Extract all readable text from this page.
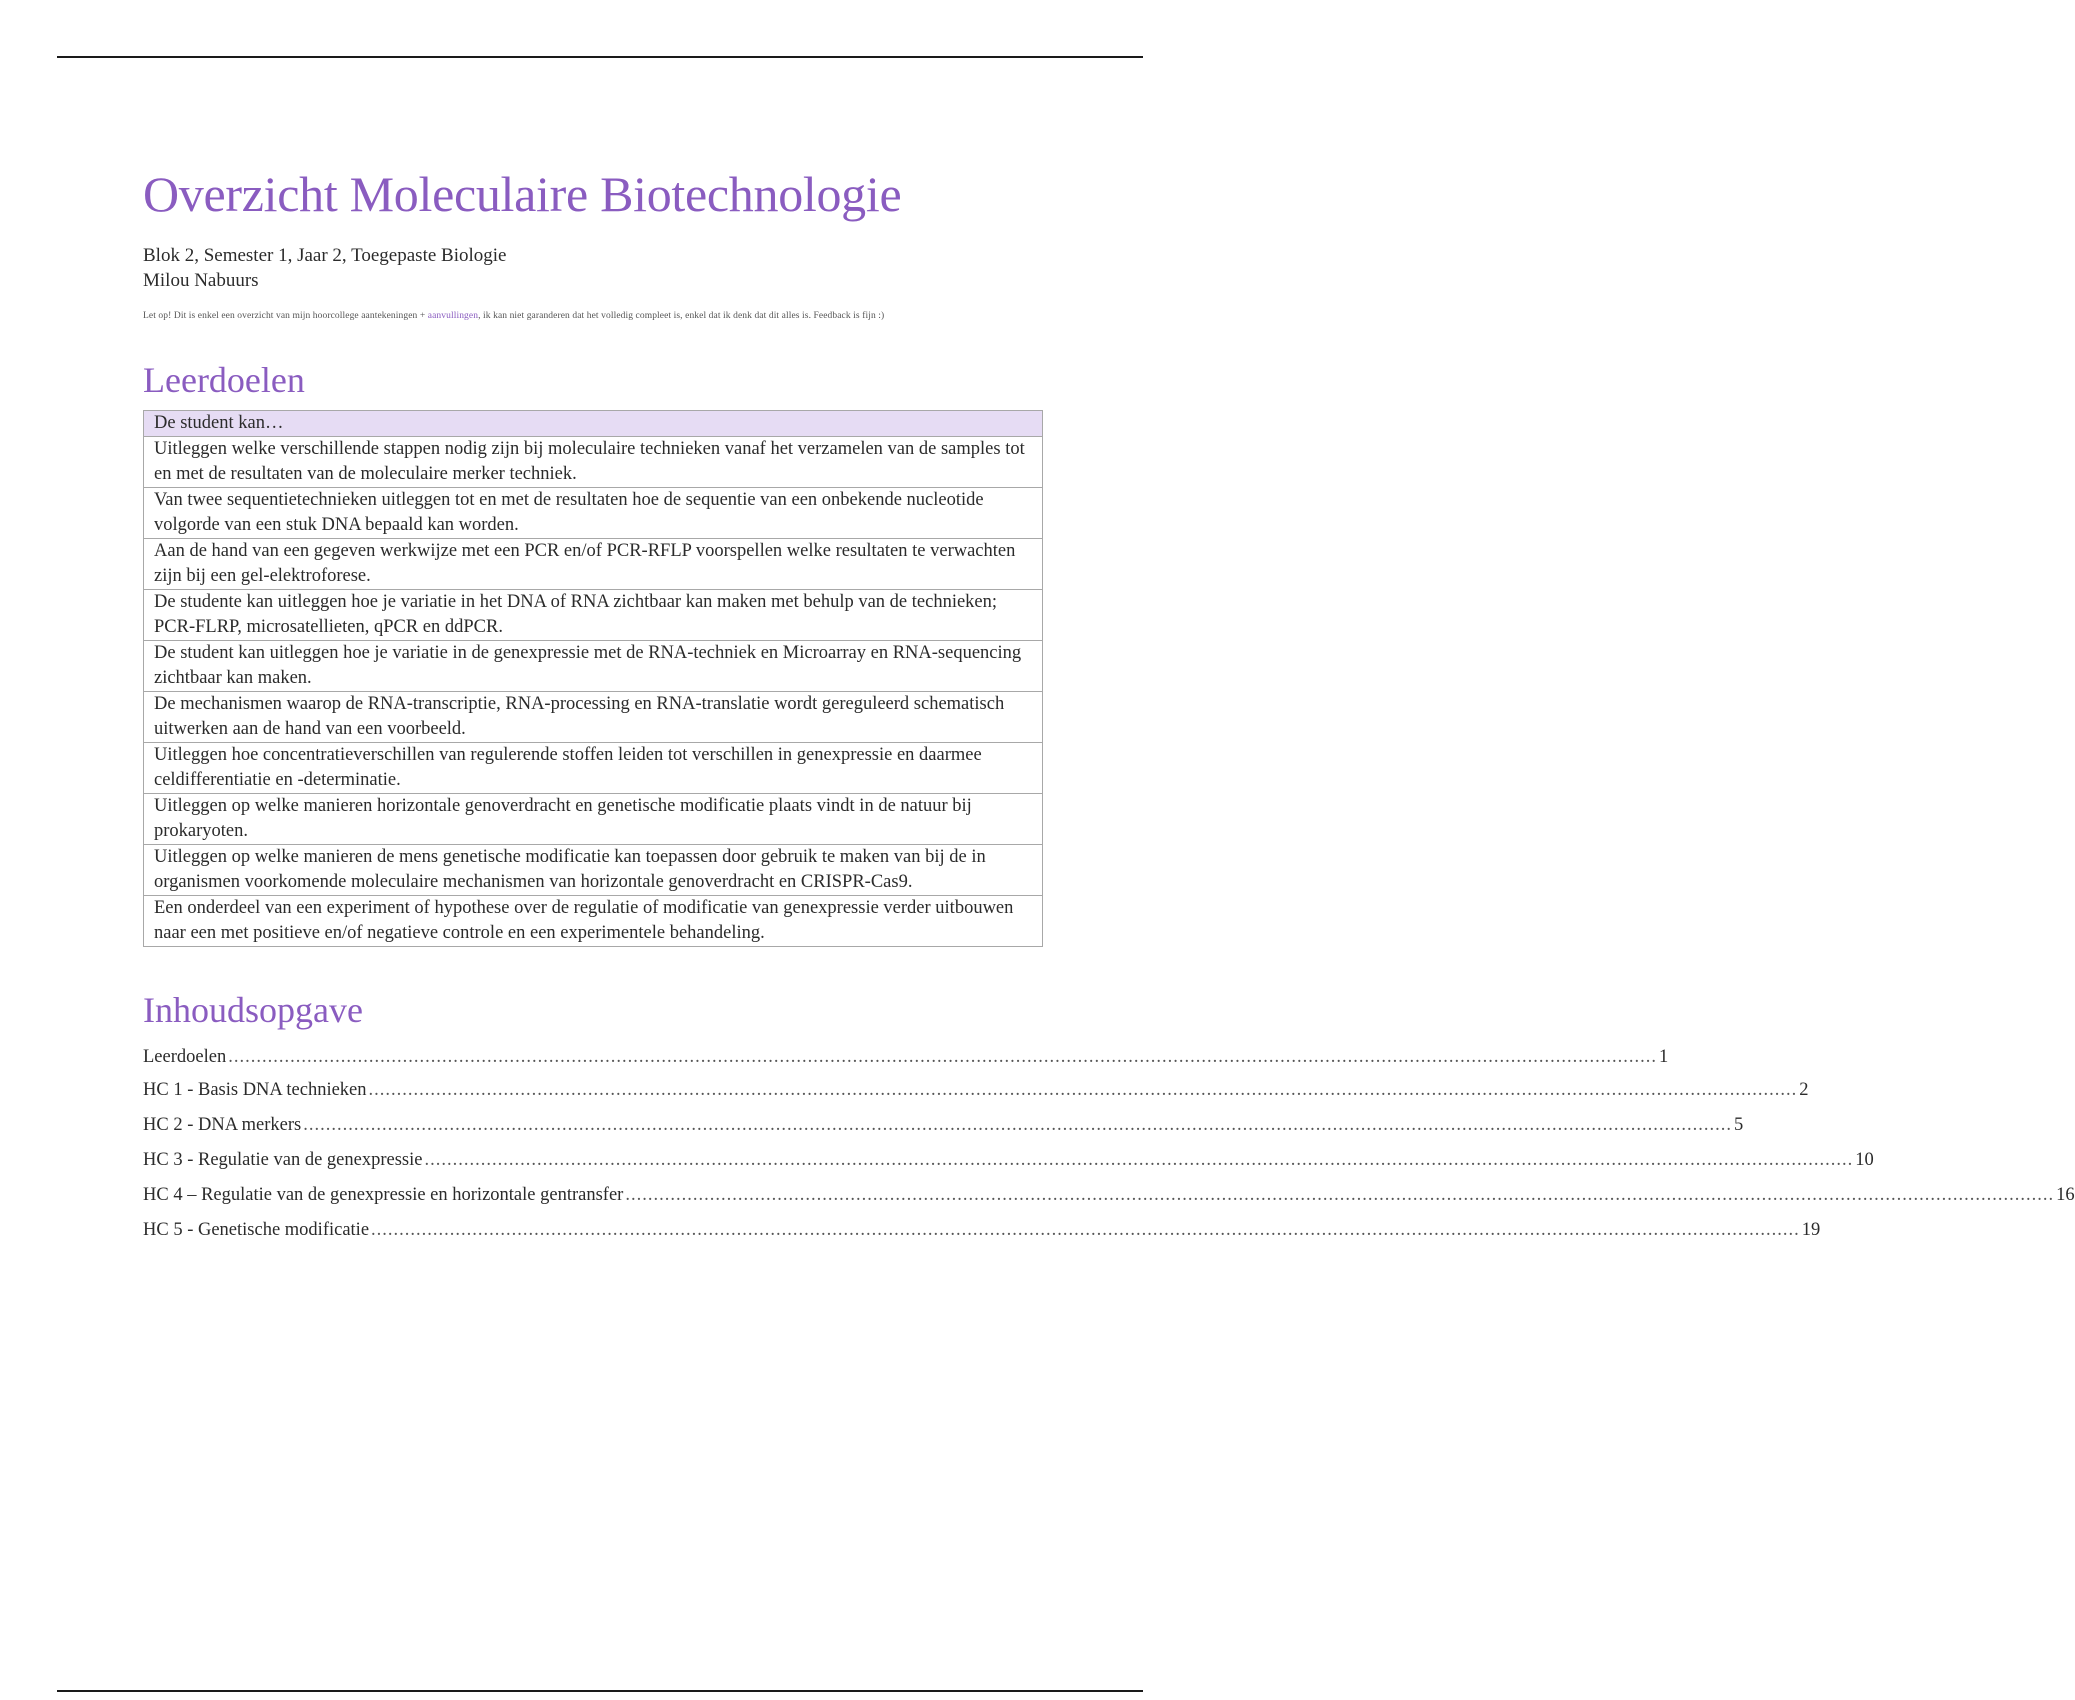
Overzicht Moleculaire Biotechnologie
Blok 2, Semester 1, Jaar 2, Toegepaste Biologie
Milou Nabuurs
Let op! Dit is enkel een overzicht van mijn hoorcollege aantekeningen + aanvullingen, ik kan niet garanderen dat het volledig compleet is, enkel dat ik denk dat dit alles is. Feedback is fijn :)
Leerdoelen
De student kan…
Uitleggen welke verschillende stappen nodig zijn bij moleculaire technieken vanaf het verzamelen van de samples tot en met de resultaten van de moleculaire merker techniek.
Van twee sequentietechnieken uitleggen tot en met de resultaten hoe de sequentie van een onbekende nucleotide volgorde van een stuk DNA bepaald kan worden.
Aan de hand van een gegeven werkwijze met een PCR en/of PCR-RFLP voorspellen welke resultaten te verwachten zijn bij een gel-elektroforese.
De studente kan uitleggen hoe je variatie in het DNA of RNA zichtbaar kan maken met behulp van de technieken; PCR-FLRP, microsatellieten, qPCR en ddPCR.
De student kan uitleggen hoe je variatie in de genexpressie met de RNA-techniek en Microarray en RNA-sequencing zichtbaar kan maken.
De mechanismen waarop de RNA-transcriptie, RNA-processing en RNA-translatie wordt gereguleerd schematisch uitwerken aan de hand van een voorbeeld.
Uitleggen hoe concentratieverschillen van regulerende stoffen leiden tot verschillen in genexpressie en daarmee celdifferentiatie en -determinatie.
Uitleggen op welke manieren horizontale genoverdracht en genetische modificatie plaats vindt in de natuur bij prokaryoten.
Uitleggen op welke manieren de mens genetische modificatie kan toepassen door gebruik te maken van bij de in organismen voorkomende moleculaire mechanismen van horizontale genoverdracht en CRISPR-Cas9.
Een onderdeel van een experiment of hypothese over de regulatie of modificatie van genexpressie verder uitbouwen naar een met positieve en/of negatieve controle en een experimentele behandeling.
Inhoudsopgave
Leerdoelen .............................................................................................................................................................................................................................................................. 1
HC 1 - Basis DNA technieken .............................................................................................................................................................................................................................................................. 2
HC 2 - DNA merkers .............................................................................................................................................................................................................................................................. 5
HC 3 - Regulatie van de genexpressie .............................................................................................................................................................................................................................................................. 10
HC 4 – Regulatie van de genexpressie en horizontale gentransfer .............................................................................................................................................................................................................................................................. 16
HC 5 - Genetische modificatie .............................................................................................................................................................................................................................................................. 19
